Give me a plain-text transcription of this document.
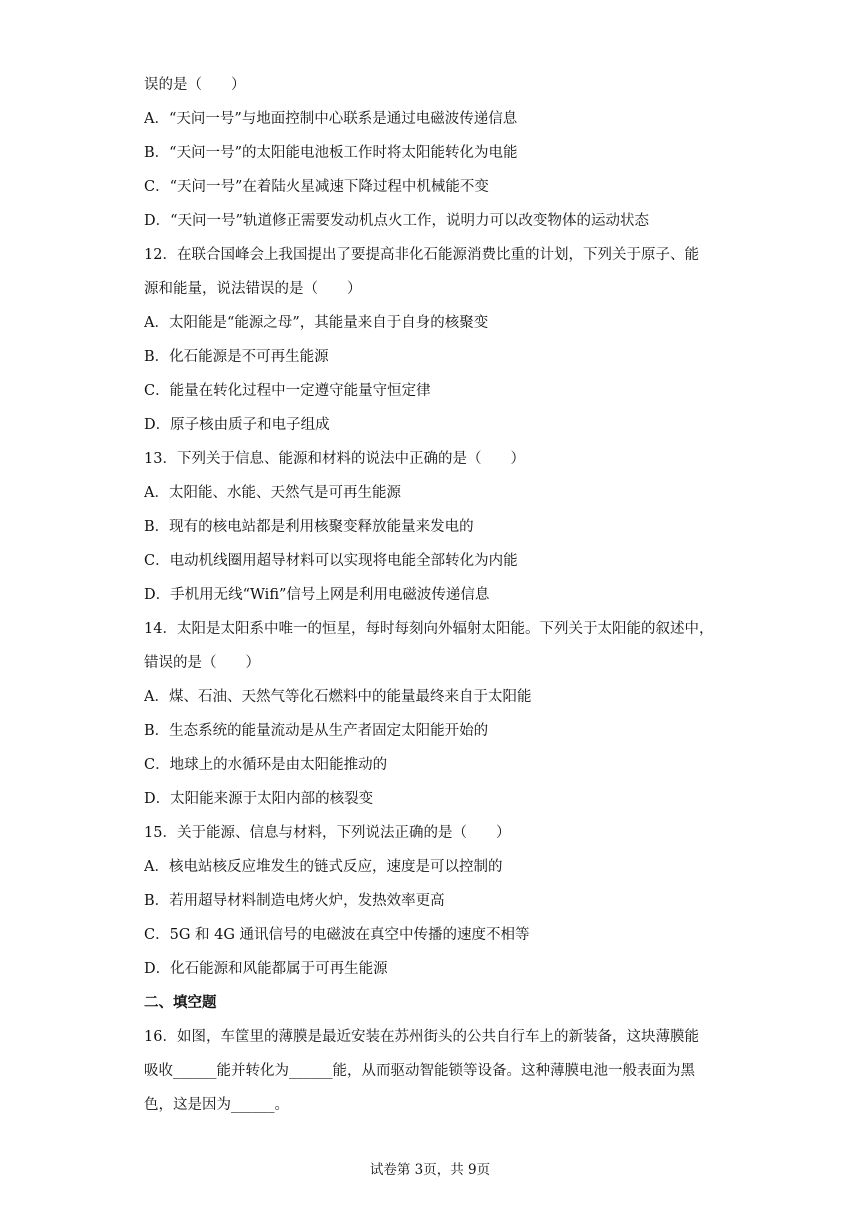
误的是（　　）
A．“天问一号”与地面控制中心联系是通过电磁波传递信息
B．“天问一号”的太阳能电池板工作时将太阳能转化为电能
C．“天问一号”在着陆火星减速下降过程中机械能不变
D．“天问一号”轨道修正需要发动机点火工作，说明力可以改变物体的运动状态
12．在联合国峰会上我国提出了要提高非化石能源消费比重的计划，下列关于原子、能
源和能量，说法错误的是（　　）
A．太阳能是“能源之母”，其能量来自于自身的核聚变
B．化石能源是不可再生能源
C．能量在转化过程中一定遵守能量守恒定律
D．原子核由质子和电子组成
13．下列关于信息、能源和材料的说法中正确的是（　　）
A．太阳能、水能、天然气是可再生能源
B．现有的核电站都是利用核聚变释放能量来发电的
C．电动机线圈用超导材料可以实现将电能全部转化为内能
D．手机用无线“Wifi”信号上网是利用电磁波传递信息
14．太阳是太阳系中唯一的恒星，每时每刻向外辐射太阳能。下列关于太阳能的叙述中，
错误的是（　　）
A．煤、石油、天然气等化石燃料中的能量最终来自于太阳能
B．生态系统的能量流动是从生产者固定太阳能开始的
C．地球上的水循环是由太阳能推动的
D．太阳能来源于太阳内部的核裂变
15．关于能源、信息与材料，下列说法正确的是（　　）
A．核电站核反应堆发生的链式反应，速度是可以控制的
B．若用超导材料制造电烤火炉，发热效率更高
C．5G 和 4G 通讯信号的电磁波在真空中传播的速度不相等
D．化石能源和风能都属于可再生能源
二、填空题
16．如图，车筐里的薄膜是最近安装在苏州街头的公共自行车上的新装备，这块薄膜能
吸收______能并转化为______能，从而驱动智能锁等设备。这种薄膜电池一般表面为黑
色，这是因为______。
试卷第 3页，共 9页
